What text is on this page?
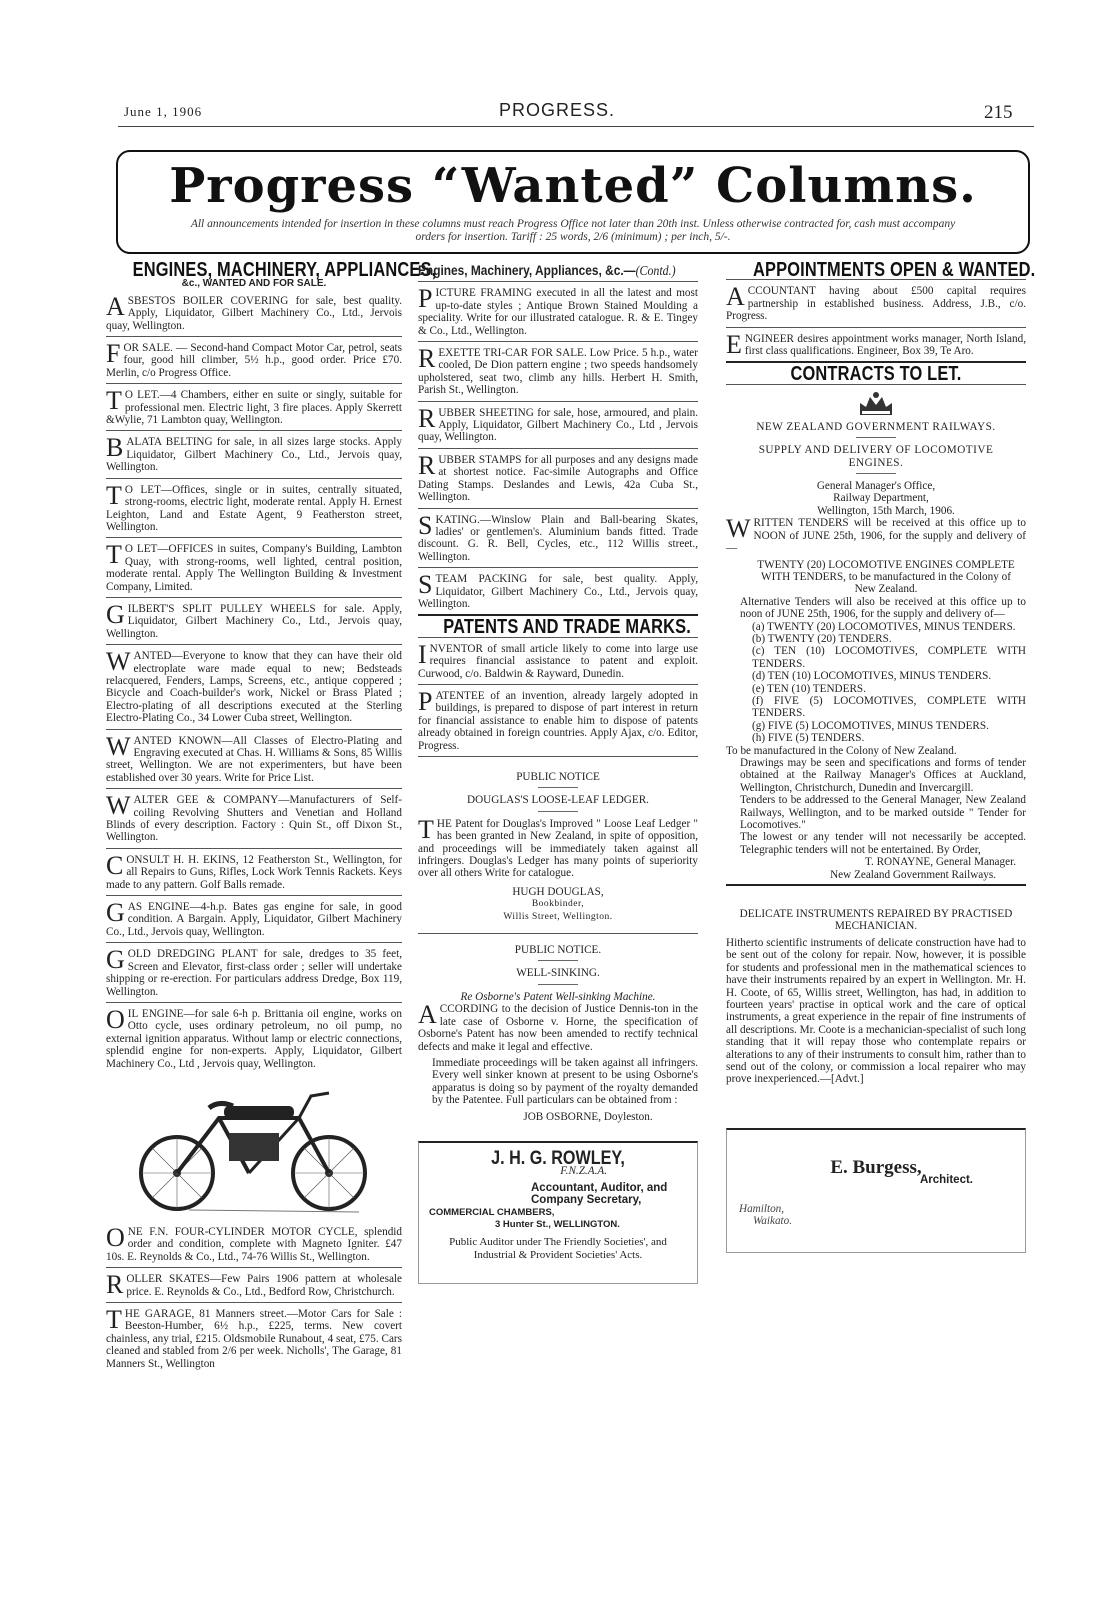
June 1, 1906	PROGRESS.	215
Progress “Wanted” Columns.
All announcements intended for insertion in these columns must reach Progress Office not later than 20th inst. Unless otherwise contracted for, cash must accompany orders for insertion. Tariff : 25 words, 2/6 (minimum) ; per inch, 5/-.
ENGINES, MACHINERY, APPLIANCES,
&c., WANTED AND FOR SALE.
ASBESTOS BOILER COVERING for sale, best quality. Apply, Liquidator, Gilbert Machinery Co., Ltd., Jervois quay, Wellington.
FOR SALE. — Second-hand Compact Motor Car, petrol, seats four, good hill climber, 5½ h.p., good order. Price £70. Merlin, c/o Progress Office.
TO LET.—4 Chambers, either en suite or singly, suitable for professional men. Electric light, 3 fire places. Apply Skerrett &Wylie, 71 Lambton quay, Wellington.
BALATA BELTING for sale, in all sizes large stocks. Apply Liquidator, Gilbert Machinery Co., Ltd., Jervois quay, Wellington.
TO LET—Offices, single or in suites, centrally situated, strong-rooms, electric light, moderate rental. Apply H. Ernest Leighton, Land and Estate Agent, 9 Featherston street, Wellington.
TO LET—OFFICES in suites, Company's Building, Lambton Quay, with strong-rooms, well lighted, central position, moderate rental. Apply The Wellington Building & Investment Company, Limited.
GILBERT'S SPLIT PULLEY WHEELS for sale. Apply, Liquidator, Gilbert Machinery Co., Ltd., Jervois quay, Wellington.
WANTED—Everyone to know that they can have their old electroplate ware made equal to new; Bedsteads relacquered, Fenders, Lamps, Screens, etc., antique coppered ; Bicycle and Coach-builder's work, Nickel or Brass Plated ; Electro-plating of all descriptions executed at the Sterling Electro-Plating Co., 34 Lower Cuba street, Wellington.
WANTED KNOWN—All Classes of Electro-Plating and Engraving executed at Chas. H. Williams & Sons, 85 Willis street, Wellington. We are not experimenters, but have been established over 30 years. Write for Price List.
WALTER GEE & COMPANY—Manufacturers of Self-coiling Revolving Shutters and Venetian and Holland Blinds of every description. Factory : Quin St., off Dixon St., Wellington.
CONSULT H. H. EKINS, 12 Featherston St., Wellington, for all Repairs to Guns, Rifles, Lock Work Tennis Rackets. Keys made to any pattern. Golf Balls remade.
GAS ENGINE—4-h.p. Bates gas engine for sale, in good condition. A Bargain. Apply, Liquidator, Gilbert Machinery Co., Ltd., Jervois quay, Wellington.
GOLD DREDGING PLANT for sale, dredges to 35 feet, Screen and Elevator, first-class order ; seller will undertake shipping or re-erection. For particulars address Dredge, Box 119, Wellington.
OIL ENGINE—for sale 6-h p. Brittania oil engine, works on Otto cycle, uses ordinary petroleum, no oil pump, no external ignition apparatus. Without lamp or electric connections, splendid engine for non-experts. Apply, Liquidator, Gilbert Machinery Co., Ltd , Jervois quay, Wellington.
ONE F.N. FOUR-CYLINDER MOTOR CYCLE, splendid order and condition, complete with Magneto Igniter. £47 10s. E. Reynolds & Co., Ltd., 74-76 Willis St., Wellington.
ROLLER SKATES—Few Pairs 1906 pattern at wholesale price. E. Reynolds & Co., Ltd., Bedford Row, Christchurch.
THE GARAGE, 81 Manners street.—Motor Cars for Sale : Beeston-Humber, 6½ h.p., £225, terms. New covert chainless, any trial, £215. Oldsmobile Runabout, 4 seat, £75. Cars cleaned and stabled from 2/6 per week. Nicholls', The Garage, 81 Manners St., Wellington
Engines, Machinery, Appliances, &c.—(Contd.)
PICTURE FRAMING executed in all the latest and most up-to-date styles ; Antique Brown Stained Moulding a speciality. Write for our illustrated catalogue. R. & E. Tingey & Co., Ltd., Wellington.
REXETTE TRI-CAR FOR SALE. Low Price. 5 h.p., water cooled, De Dion pattern engine ; two speeds handsomely upholstered, seat two, climb any hills. Herbert H. Smith, Parish St., Wellington.
RUBBER SHEETING for sale, hose, armoured, and plain. Apply, Liquidator, Gilbert Machinery Co., Ltd , Jervois quay, Wellington.
RUBBER STAMPS for all purposes and any designs made at shortest notice. Fac-simile Autographs and Office Dating Stamps. Deslandes and Lewis, 42a Cuba St., Wellington.
SKATING.—Winslow Plain and Ball-bearing Skates, ladies' or gentlemen's. Aluminium bands fitted. Trade discount. G. R. Bell, Cycles, etc., 112 Willis street., Wellington.
STEAM PACKING for sale, best quality. Apply, Liquidator, Gilbert Machinery Co., Ltd., Jervois quay, Wellington.
PATENTS AND TRADE MARKS.
INVENTOR of small article likely to come into large use requires financial assistance to patent and exploit. Curwood, c/o. Baldwin & Rayward, Dunedin.
PATENTEE of an invention, already largely adopted in buildings, is prepared to dispose of part interest in return for financial assistance to enable him to dispose of patents already obtained in foreign countries. Apply Ajax, c/o. Editor, Progress.
PUBLIC NOTICE
DOUGLAS'S LOOSE-LEAF LEDGER.
THE Patent for Douglas's Improved " Loose Leaf Ledger " has been granted in New Zealand, in spite of opposition, and proceedings will be immediately taken against all infringers. Douglas's Ledger has many points of superiority over all others Write for catalogue.
HUGH DOUGLAS,
Bookbinder,
Willis Street, Wellington.
PUBLIC NOTICE.
WELL-SINKING.
Re Osborne's Patent Well-sinking Machine.
ACCORDING to the decision of Justice Dennis-ton in the late case of Osborne v. Horne, the specification of Osborne's Patent has now been amended to rectify technical defects and make it legal and effective.
Immediate proceedings will be taken against all infringers. Every well sinker known at present to be using Osborne's apparatus is doing so by payment of the royalty demanded by the Patentee. Full particulars can be obtained from :
JOB OSBORNE, Doyleston.
J. H. G. ROWLEY,
F.N.Z.A.A.
Accountant, Auditor, and
Company Secretary,
COMMERCIAL CHAMBERS,
3 Hunter St., WELLINGTON.
Public Auditor under The Friendly Societies', and Industrial & Provident Societies' Acts.
APPOINTMENTS OPEN & WANTED.
ACCOUNTANT having about £500 capital requires partnership in established business. Address, J.B., c/o. Progress.
ENGINEER desires appointment works manager, North Island, first class qualifications. Engineer, Box 39, Te Aro.
CONTRACTS TO LET.
NEW ZEALAND GOVERNMENT RAILWAYS.
SUPPLY AND DELIVERY OF LOCOMOTIVE ENGINES.
General Manager's Office,
Railway Department,
Wellington, 15th March, 1906.
WRITTEN TENDERS will be received at this office up to NOON of JUNE 25th, 1906, for the supply and delivery of—
TWENTY (20) LOCOMOTIVE ENGINES COMPLETE WITH TENDERS, to be manufactured in the Colony of New Zealand.
Alternative Tenders will also be received at this office up to noon of JUNE 25th, 1906, for the supply and delivery of—
(a) TWENTY (20) LOCOMOTIVES, MINUS TENDERS.
(b) TWENTY (20) TENDERS.
(c) TEN (10) LOCOMOTIVES, COMPLETE WITH TENDERS.
(d) TEN (10) LOCOMOTIVES, MINUS TENDERS.
(e) TEN (10) TENDERS.
(f) FIVE (5) LOCOMOTIVES, COMPLETE WITH TENDERS.
(g) FIVE (5) LOCOMOTIVES, MINUS TENDERS.
(h) FIVE (5) TENDERS.
To be manufactured in the Colony of New Zealand.
Drawings may be seen and specifications and forms of tender obtained at the Railway Manager's Offices at Auckland, Wellington, Christchurch, Dunedin and Invercargill.
Tenders to be addressed to the General Manager, New Zealand Railways, Wellington, and to be marked outside " Tender for Locomotives."
The lowest or any tender will not necessarily be accepted. Telegraphic tenders will not be entertained. By Order,
T. RONAYNE, General Manager.
New Zealand Government Railways.
DELICATE INSTRUMENTS REPAIRED BY PRACTISED MECHANICIAN.
Hitherto scientific instruments of delicate construction have had to be sent out of the colony for repair. Now, however, it is possible for students and professional men in the mathematical sciences to have their instruments repaired by an expert in Wellington. Mr. H. H. Coote, of 65, Willis street, Wellington, has had, in addition to fourteen years' practise in optical work and the care of optical instruments, a great experience in the repair of fine instruments of all descriptions. Mr. Coote is a mechanician-specialist of such long standing that it will repay those who contemplate repairs or alterations to any of their instruments to consult him, rather than to send out of the colony, or commission a local repairer who may prove inexperienced.—[Advt.]
E. Burgess,
Architect.
Hamilton,
Waikato.
